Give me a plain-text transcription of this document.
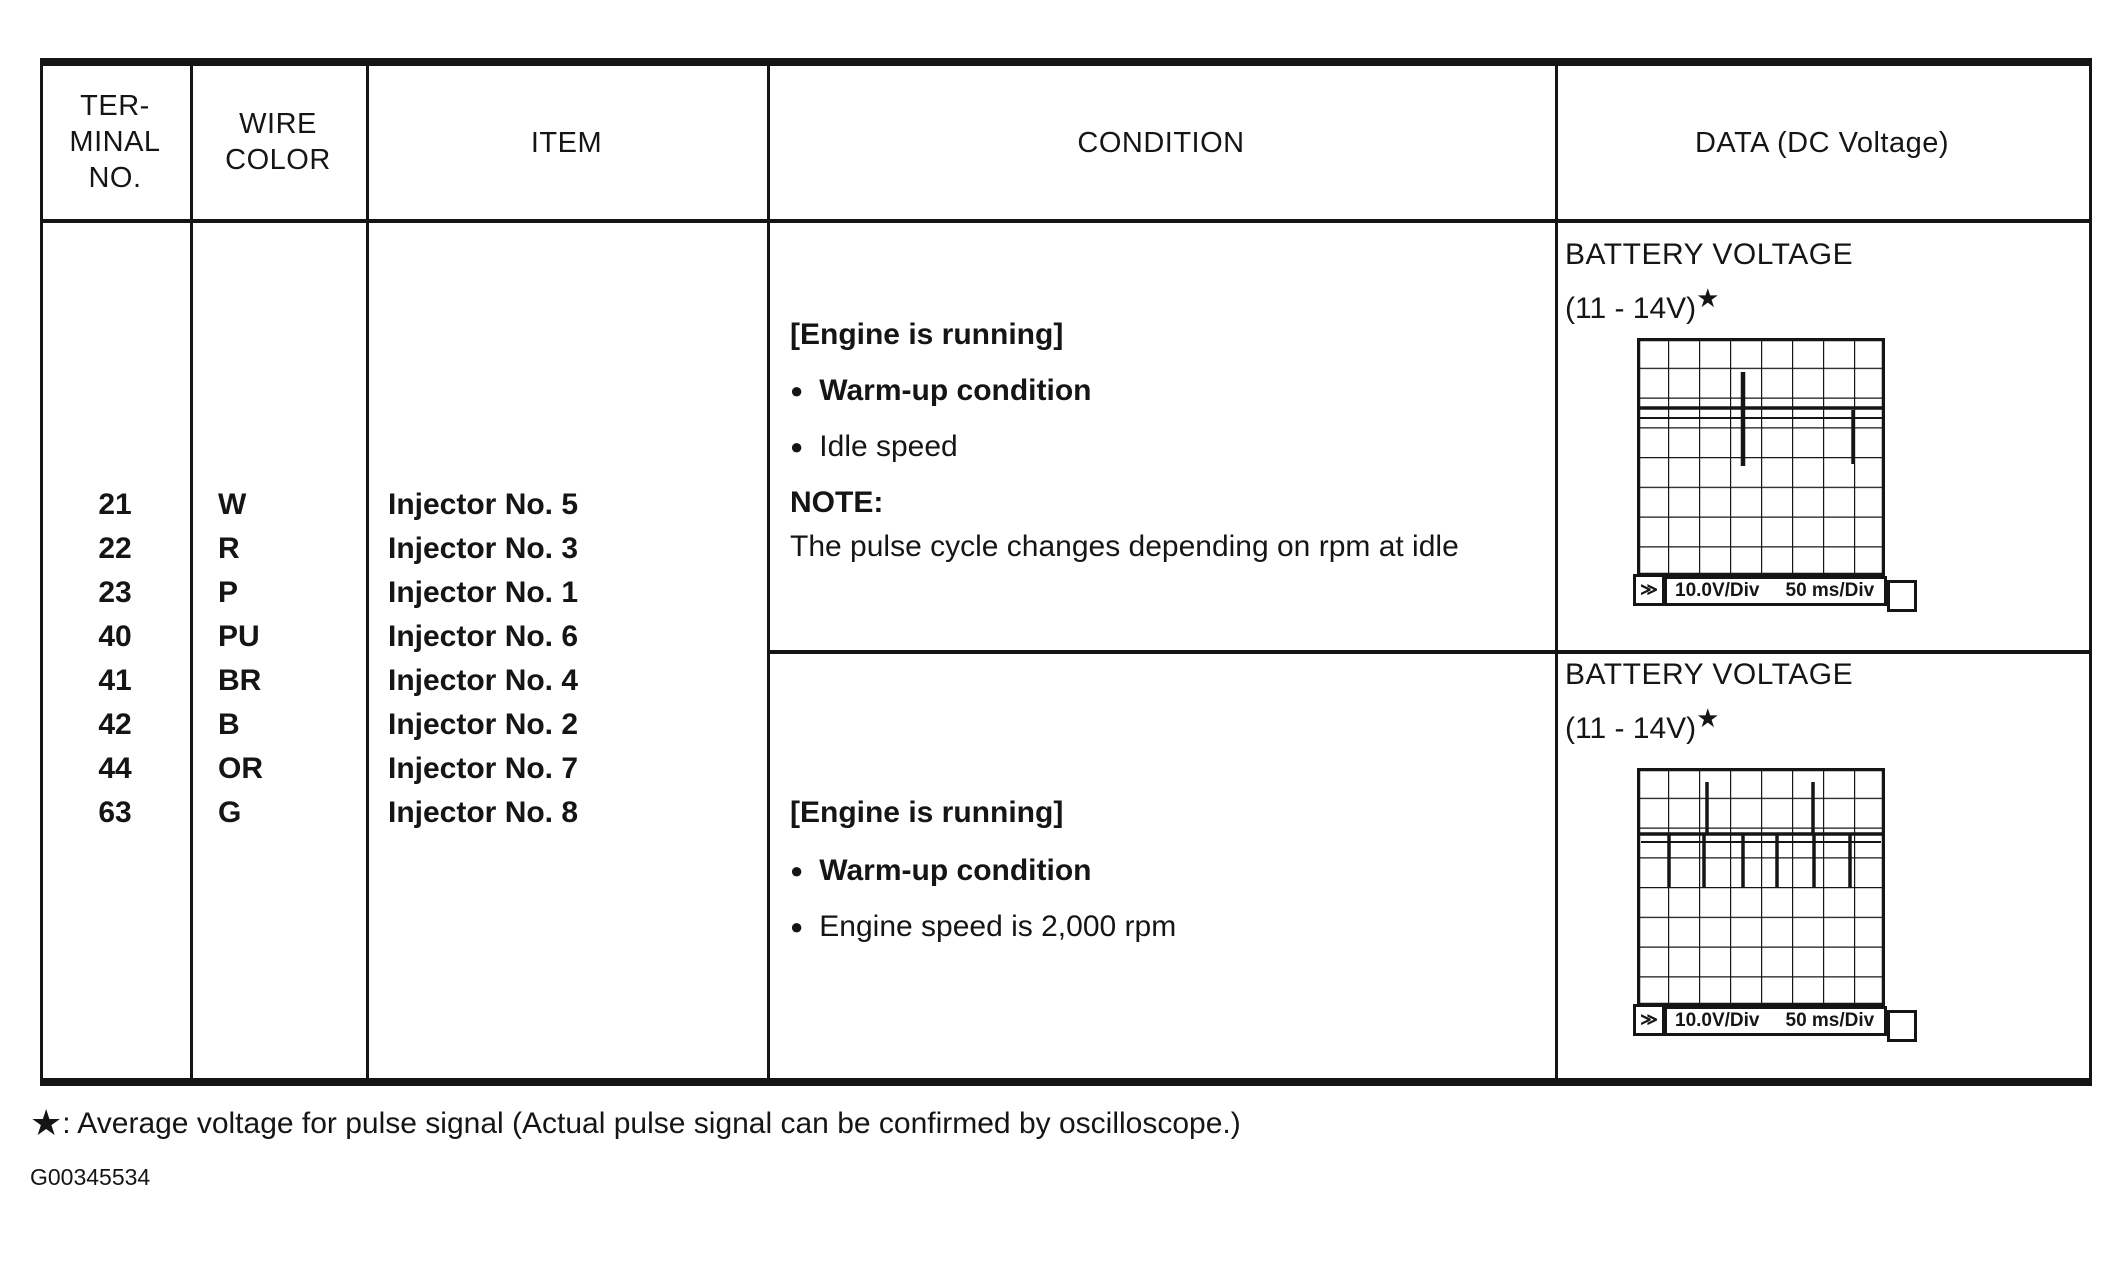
TER-
MINAL
NO.
WIRE
COLOR
ITEM	CONDITION	DATA (DC Voltage)
21
22
23
40
41
42
44
63
W
R
P
PU
BR
B
OR
G
Injector No. 5
Injector No. 3
Injector No. 1
Injector No. 6
Injector No. 4
Injector No. 2
Injector No. 7
Injector No. 8
[Engine is running]
● Warm-up condition
● Idle speed
NOTE:
The pulse cycle changes depending on rpm at idle
[Engine is running]
● Warm-up condition
● Engine speed is 2,000 rpm
BATTERY VOLTAGE
(11 - 14V)★
≫ 10.0V/Div 50 ms/Div
BATTERY VOLTAGE
(11 - 14V)★
≫ 10.0V/Div 50 ms/Div
★: Average voltage for pulse signal (Actual pulse signal can be confirmed by oscilloscope.)
G00345534
